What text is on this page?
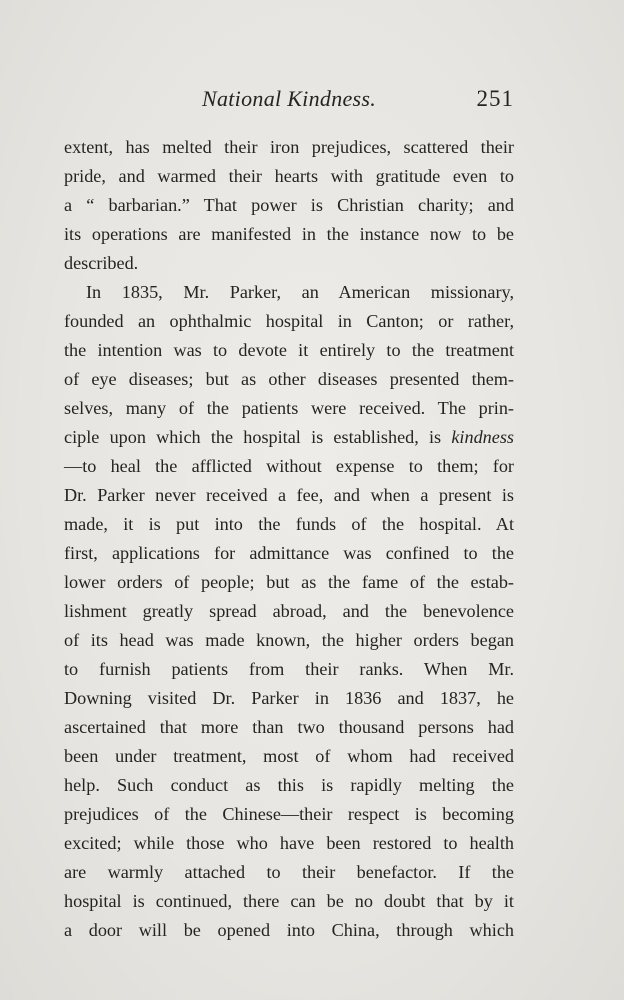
National Kindness.	251
extent, has melted their iron prejudices, scattered their
pride, and warmed their hearts with gratitude even to
a “ barbarian.” That power is Christian charity; and
its operations are manifested in the instance now to be
described.
In 1835, Mr. Parker, an American missionary,
founded an ophthalmic hospital in Canton; or rather,
the intention was to devote it entirely to the treatment
of eye diseases; but as other diseases presented them-
selves, many of the patients were received. The prin-
ciple upon which the hospital is established, is kindness
—to heal the afflicted without expense to them; for
Dr. Parker never received a fee, and when a present is
made, it is put into the funds of the hospital. At
first, applications for admittance was confined to the
lower orders of people; but as the fame of the estab-
lishment greatly spread abroad, and the benevolence
of its head was made known, the higher orders began
to furnish patients from their ranks. When Mr.
Downing visited Dr. Parker in 1836 and 1837, he
ascertained that more than two thousand persons had
been under treatment, most of whom had received
help. Such conduct as this is rapidly melting the
prejudices of the Chinese—their respect is becoming
excited; while those who have been restored to health
are warmly attached to their benefactor. If the
hospital is continued, there can be no doubt that by it
a door will be opened into China, through which
